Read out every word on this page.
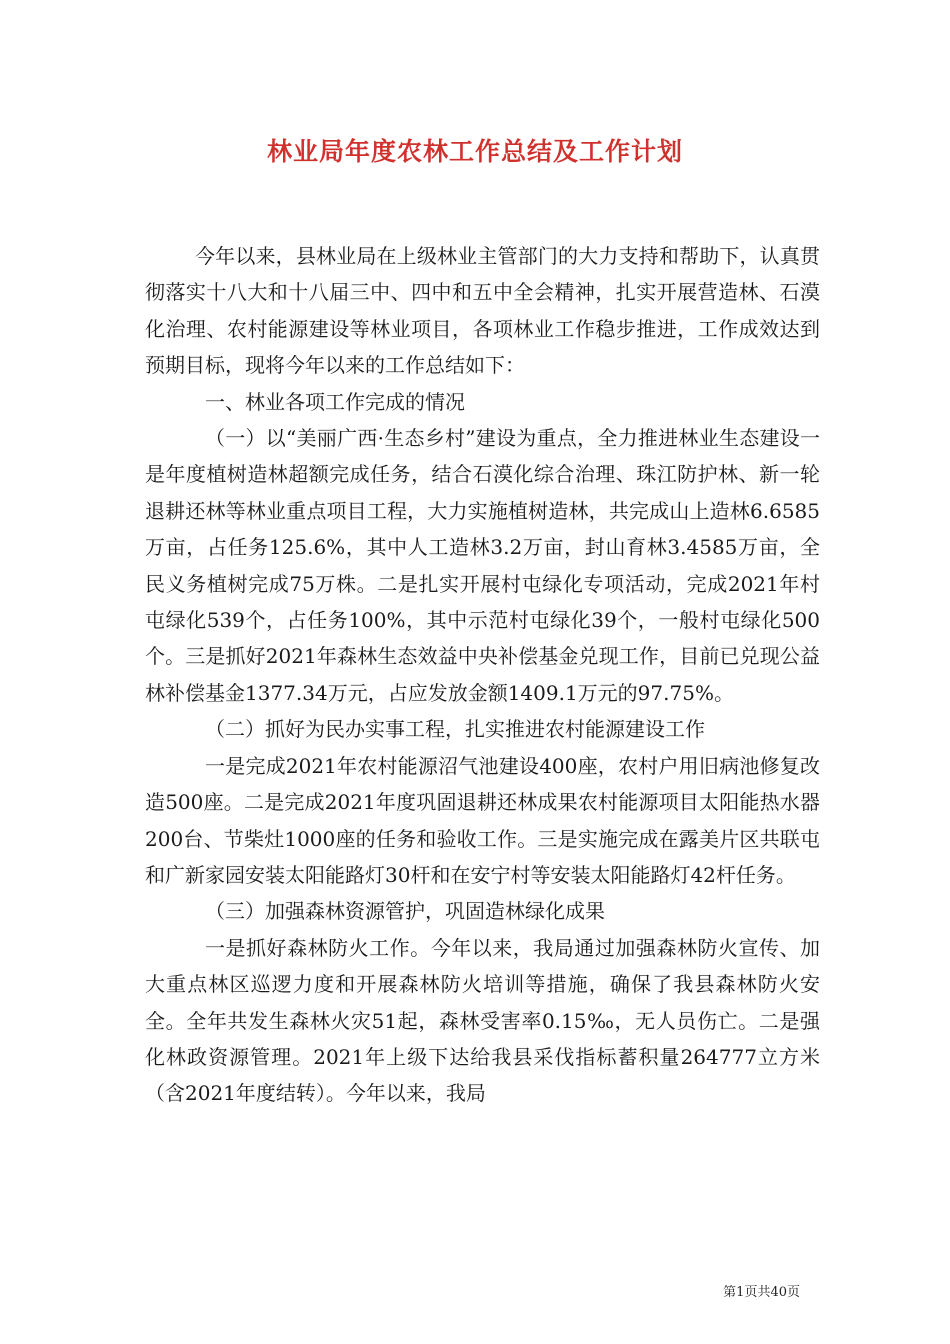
林业局年度农林工作总结及工作计划

今年以来，县林业局在上级林业主管部门的大力支持和帮助下，认真贯彻落实十八大和十八届三中、四中和五中全会精神，扎实开展营造林、石漠化治理、农村能源建设等林业项目，各项林业工作稳步推进，工作成效达到预期目标，现将今年以来的工作总结如下：

一、林业各项工作完成的情况

（一）以“美丽广西·生态乡村”建设为重点，全力推进林业生态建设一是年度植树造林超额完成任务，结合石漠化综合治理、珠江防护林、新一轮退耕还林等林业重点项目工程，大力实施植树造林，共完成山上造林6.6585万亩，占任务125.6%，其中人工造林3.2万亩，封山育林3.4585万亩，全民义务植树完成75万株。二是扎实开展村屯绿化专项活动，完成2021年村屯绿化539个，占任务100%，其中示范村屯绿化39个，一般村屯绿化500个。三是抓好2021年森林生态效益中央补偿基金兑现工作，目前已兑现公益林补偿基金1377.34万元，占应发放金额1409.1万元的97.75%。

（二）抓好为民办实事工程，扎实推进农村能源建设工作

一是完成2021年农村能源沼气池建设400座，农村户用旧病池修复改造500座。二是完成2021年度巩固退耕还林成果农村能源项目太阳能热水器200台、节柴灶1000座的任务和验收工作。三是实施完成在露美片区共联屯和广新家园安装太阳能路灯30杆和在安宁村等安装太阳能路灯42杆任务。

（三）加强森林资源管护，巩固造林绿化成果

一是抓好森林防火工作。今年以来，我局通过加强森林防火宣传、加大重点林区巡逻力度和开展森林防火培训等措施，确保了我县森林防火安全。全年共发生森林火灾51起，森林受害率0.15‰，无人员伤亡。二是强化林政资源管理。2021年上级下达给我县采伐指标蓄积量264777立方米（含2021年度结转）。今年以来，我局

第1页共40页
